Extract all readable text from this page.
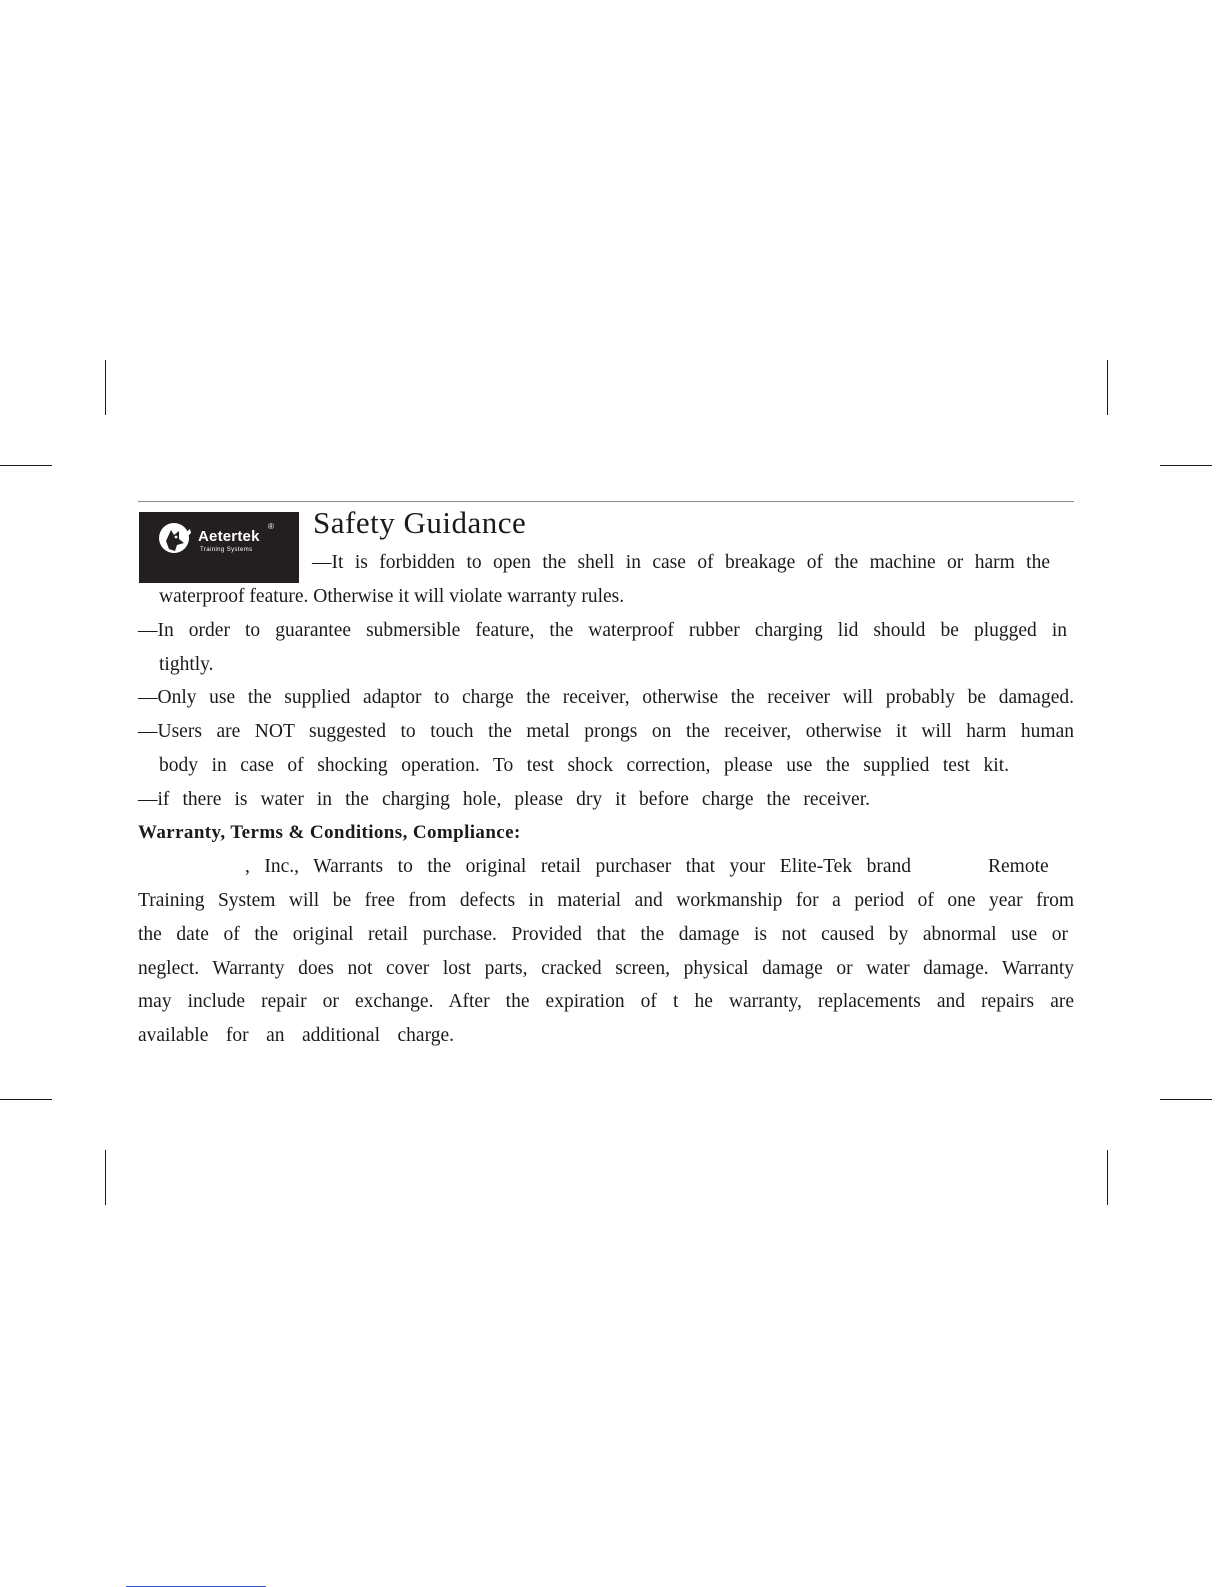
Aetertek
®
Training Systems
Safety Guidance
—It is forbidden to open the shell in case of breakage of the machine or harm the
waterproof feature. Otherwise it will violate warranty rules.
—In order to guarantee submersible feature, the waterproof rubber charging lid should be plugged in
tightly.
—Only use the supplied adaptor to charge the receiver, otherwise the receiver will probably be damaged.
—Users are NOT suggested to touch the metal prongs on the receiver, otherwise it will harm human
body in case of shocking operation. To test shock correction, please use the supplied test kit.
—if there is water in the charging hole, please dry it before charge the receiver.
Warranty, Terms & Conditions, Compliance:
, Inc., Warrants to the original retail purchaser that your Elite-Tek brand	Remote
Training System will be free from defects in material and workmanship for a period of one year from
the date of the original retail purchase. Provided that the damage is not caused by abnormal use or
neglect. Warranty does not cover lost parts, cracked screen, physical damage or water damage. Warranty
may include repair or exchange. After the expiration of t he warranty, replacements and repairs are
available for an additional charge.
